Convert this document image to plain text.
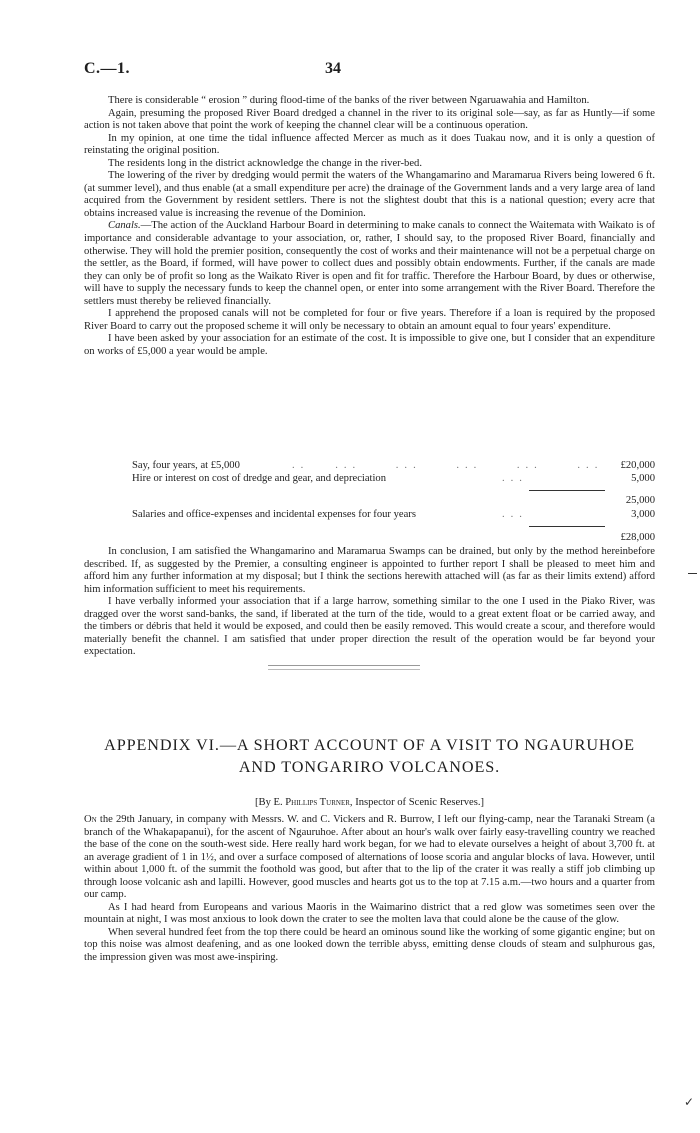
C.—1.	34

There is considerable “ erosion ” during flood-time of the banks of the river between Ngaruawahia and Hamilton.

Again, presuming the proposed River Board dredged a channel in the river to its original sole—say, as far as Huntly—if some action is not taken above that point the work of keeping the channel clear will be a continuous operation.

In my opinion, at one time the tidal influence affected Mercer as much as it does Tuakau now, and it is only a question of reinstating the original position.

The residents long in the district acknowledge the change in the river-bed.

The lowering of the river by dredging would permit the waters of the Whangamarino and Maramarua Rivers being lowered 6 ft. (at summer level), and thus enable (at a small expenditure per acre) the drainage of the Government lands and a very large area of land acquired from the Government by resident settlers. There is not the slightest doubt that this is a national question; every acre that obtains increased value is increasing the revenue of the Dominion.

Canals.—The action of the Auckland Harbour Board in determining to make canals to connect the Waitemata with Waikato is of importance and considerable advantage to your association, or, rather, I should say, to the proposed River Board, financially and otherwise. They will hold the premier position, consequently the cost of works and their maintenance will not be a perpetual charge on the settler, as the Board, if formed, will have power to collect dues and possibly obtain endowments. Further, if the canals are made they can only be of profit so long as the Waikato River is open and fit for traffic. Therefore the Harbour Board, by dues or otherwise, will have to supply the necessary funds to keep the channel open, or enter into some arrangement with the River Board. Therefore the settlers must thereby be relieved financially.

I apprehend the proposed canals will not be completed for four or five years. Therefore if a loan is required by the proposed River Board to carry out the proposed scheme it will only be necessary to obtain an amount equal to four years' expenditure.

I have been asked by your association for an estimate of the cost. It is impossible to give one, but I consider that an expenditure on works of £5,000 a year would be ample.

Say, four years, at £5,000	..   ...    ...    ...    ...    ...	£20,000
Hire or interest on cost of dredge and gear, and depreciation	...	5,000
25,000
Salaries and office-expenses and incidental expenses for four years	...	3,000
£28,000

In conclusion, I am satisfied the Whangamarino and Maramarua Swamps can be drained, but only by the method hereinbefore described. If, as suggested by the Premier, a consulting engineer is appointed to further report I shall be pleased to meet him and afford him any further information at my disposal; but I think the sections herewith attached will (as far as their limits extend) afford him information sufficient to meet his requirements.

I have verbally informed your association that if a large harrow, something similar to the one I used in the Piako River, was dragged over the worst sand-banks, the sand, if liberated at the turn of the tide, would to a great extent float or be carried away, and the timbers or débris that held it would be exposed, and could then be easily removed. This would create a scour, and therefore would materially benefit the channel. I am satisfied that under proper direction the result of the operation would be far beyond your expectation.

APPENDIX VI.—A SHORT ACCOUNT OF A VISIT TO NGAURUHOE
AND TONGARIRO VOLCANOES.
[By E. Phillips Turner, Inspector of Scenic Reserves.]

On the 29th January, in company with Messrs. W. and C. Vickers and R. Burrow, I left our flying-camp, near the Taranaki Stream (a branch of the Whakapapanui), for the ascent of Ngauruhoe. After about an hour's walk over fairly easy-travelling country we reached the base of the cone on the south-west side. Here really hard work began, for we had to elevate ourselves a height of about 3,700 ft. at an average gradient of 1 in 1½, and over a surface composed of alternations of loose scoria and angular blocks of lava. However, until within about 1,000 ft. of the summit the foothold was good, but after that to the lip of the crater it was really a stiff job climbing up through loose volcanic ash and lapilli. However, good muscles and hearts got us to the top at 7.15 a.m.—two hours and a quarter from our camp.

As I had heard from Europeans and various Maoris in the Waimarino district that a red glow was sometimes seen over the mountain at night, I was most anxious to look down the crater to see the molten lava that could alone be the cause of the glow.

When several hundred feet from the top there could be heard an ominous sound like the working of some gigantic engine; but on top this noise was almost deafening, and as one looked down the terrible abyss, emitting dense clouds of steam and sulphurous gas, the impression given was most awe-inspiring.

✓
